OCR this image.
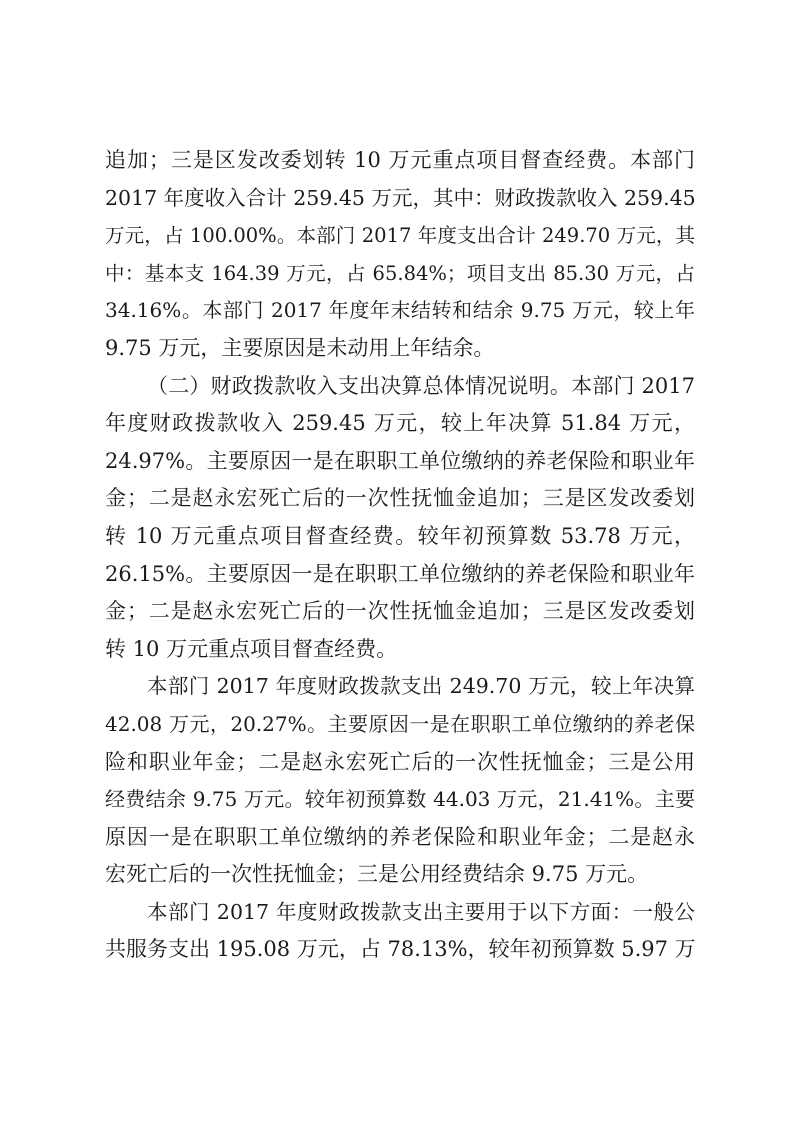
追加；三是区发改委划转 10 万元重点项目督查经费。本部门
2017 年度收入合计 259.45 万元，其中：财政拨款收入 259.45
万元，占 100.00%。本部门 2017 年度支出合计 249.70 万元，其
中：基本支 164.39 万元，占 65.84%；项目支出 85.30 万元，占
34.16%。本部门 2017 年度年末结转和结余 9.75 万元，较上年
9.75 万元，主要原因是未动用上年结余。
（二）财政拨款收入支出决算总体情况说明。本部门 2017
年度财政拨款收入 259.45 万元，较上年决算 51.84 万元，
24.97%。主要原因一是在职职工单位缴纳的养老保险和职业年
金；二是赵永宏死亡后的一次性抚恤金追加；三是区发改委划
转 10 万元重点项目督查经费。较年初预算数 53.78 万元，
26.15%。主要原因一是在职职工单位缴纳的养老保险和职业年
金；二是赵永宏死亡后的一次性抚恤金追加；三是区发改委划
转 10 万元重点项目督查经费。
本部门 2017 年度财政拨款支出 249.70 万元，较上年决算
42.08 万元，20.27%。主要原因一是在职职工单位缴纳的养老保
险和职业年金；二是赵永宏死亡后的一次性抚恤金；三是公用
经费结余 9.75 万元。较年初预算数 44.03 万元，21.41%。主要
原因一是在职职工单位缴纳的养老保险和职业年金；二是赵永
宏死亡后的一次性抚恤金；三是公用经费结余 9.75 万元。
本部门 2017 年度财政拨款支出主要用于以下方面：一般公
共服务支出 195.08 万元，占 78.13%，较年初预算数 5.97 万
